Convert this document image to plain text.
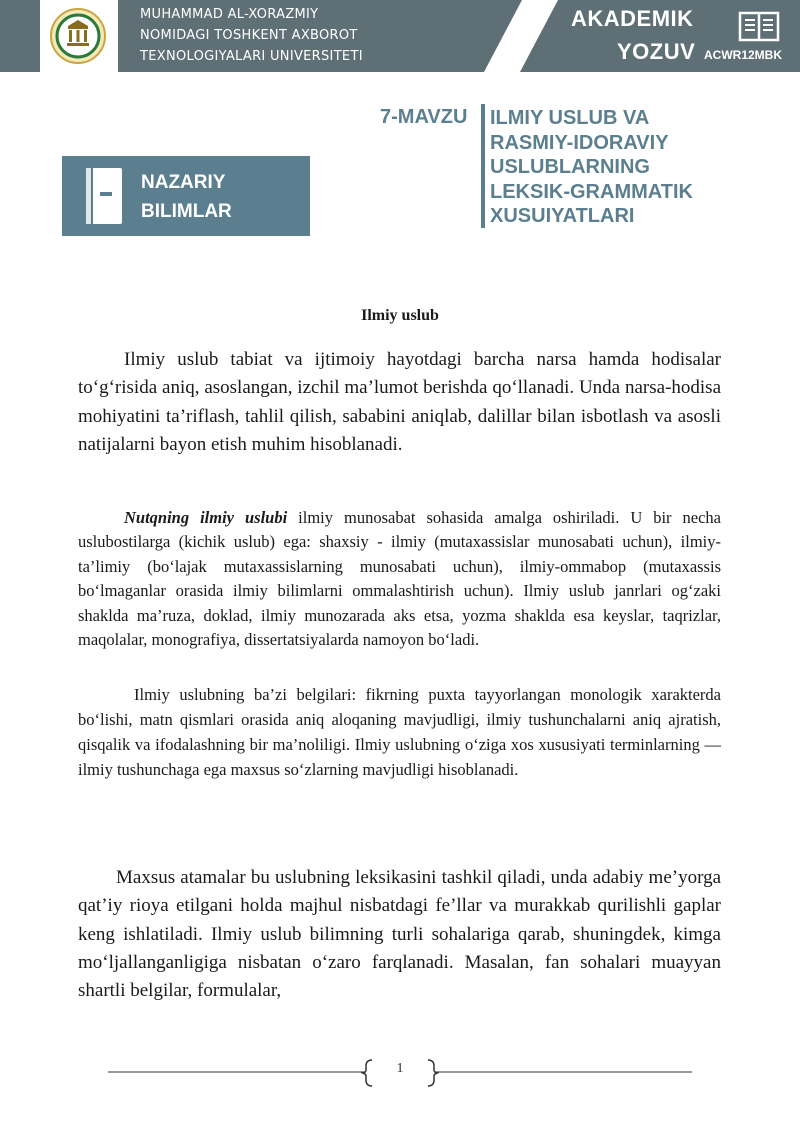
MUHAMMAD AL-XORAZMIY
NOMIDAGI TOSHKENT AXBOROT
TEXNOLOGIYALARI UNIVERSITETI
AKADEMIK
YOZUV ACWR12MBK
7-MAVZU ILMIY USLUB VA
RASMIY-IDORAVIY
USLUBLARNING
LEKSIK-GRAMMATIK
XUSUIYATLARI
NAZARIY
BILIMLAR
Ilmiy uslub

Ilmiy uslub tabiat va ijtimoiy hayotdagi barcha narsa hamda hodisalar to‘g‘risida aniq, asoslangan, izchil ma’lumot berishda qo‘llanadi. Unda narsa-hodisa mohiyatini ta’riflash, tahlil qilish, sababini aniqlab, dalillar bilan isbotlash va asosli natijalarni bayon etish muhim hisoblanadi.

Nutqning ilmiy uslubi ilmiy munosabat sohasida amalga oshiriladi. U bir necha uslubostilarga (kichik uslub) ega: shaxsiy - ilmiy (mutaxassislar munosabati uchun), ilmiy-ta’limiy (bo‘lajak mutaxassislarning munosabati uchun), ilmiy-ommabop (mutaxassis bo‘lmaganlar orasida ilmiy bilimlarni ommalashtirish uchun). Ilmiy uslub janrlari og‘zaki shaklda ma’ruza, doklad, ilmiy munozarada aks etsa, yozma shaklda esa keyslar, taqrizlar, maqolalar, monografiya, dissertatsiyalarda namoyon bo‘ladi.

Ilmiy uslubning ba’zi belgilari: fikrning puxta tayyorlangan monologik xarakterda bo‘lishi, matn qismlari orasida aniq aloqaning mavjudligi, ilmiy tushunchalarni aniq ajratish, qisqalik va ifodalashning bir ma’noliligi. Ilmiy uslubning o‘ziga xos xususiyati terminlarning — ilmiy tushunchaga ega maxsus so‘zlarning mavjudligi hisoblanadi.

Maxsus atamalar bu uslubning leksikasini tashkil qiladi, unda adabiy me’yorga qat’iy rioya etilgani holda majhul nisbatdagi fe’llar va murakkab qurilishli gaplar keng ishlatiladi. Ilmiy uslub bilimning turli sohalariga qarab, shuningdek, kimga mo‘ljallanganligiga nisbatan o‘zaro farqlanadi. Masalan, fan sohalari muayyan shartli belgilar, formulalar,

1
